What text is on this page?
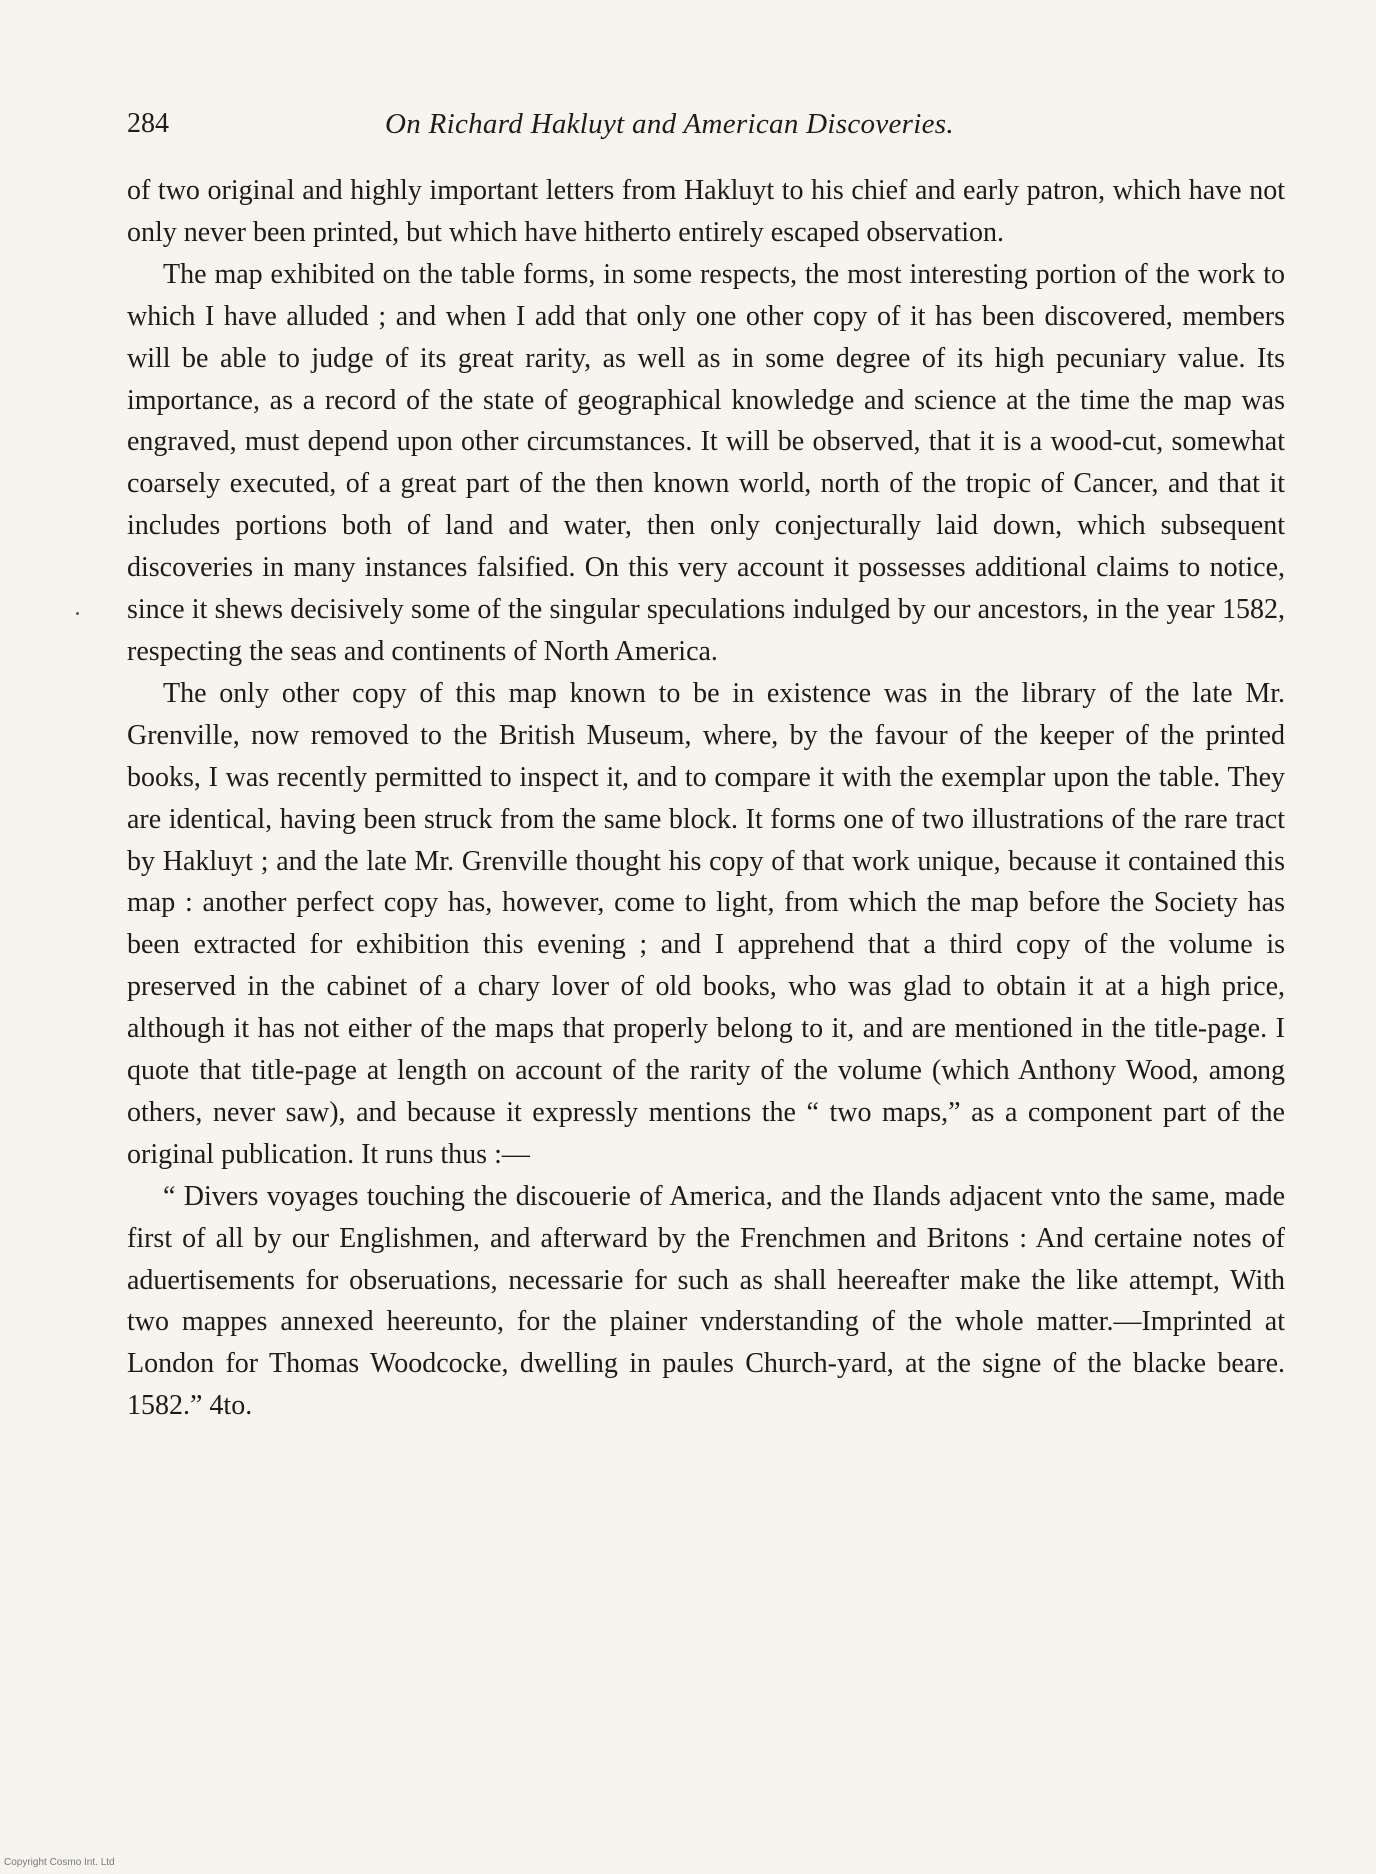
284	On Richard Hakluyt and American Discoveries.

of two original and highly important letters from Hakluyt to his chief and early patron, which have not only never been printed, but which have hitherto entirely escaped observation.

The map exhibited on the table forms, in some respects, the most interesting portion of the work to which I have alluded ; and when I add that only one other copy of it has been discovered, members will be able to judge of its great rarity, as well as in some degree of its high pecuniary value. Its importance, as a record of the state of geographical knowledge and science at the time the map was engraved, must depend upon other circumstances. It will be observed, that it is a wood-cut, somewhat coarsely executed, of a great part of the then known world, north of the tropic of Cancer, and that it includes portions both of land and water, then only conjecturally laid down, which subsequent discoveries in many instances falsified. On this very account it possesses additional claims to notice, since it shews decisively some of the singular speculations indulged by our ancestors, in the year 1582, respecting the seas and continents of North America.

The only other copy of this map known to be in existence was in the library of the late Mr. Grenville, now removed to the British Museum, where, by the favour of the keeper of the printed books, I was recently permitted to inspect it, and to compare it with the exemplar upon the table. They are identical, having been struck from the same block. It forms one of two illustrations of the rare tract by Hakluyt ; and the late Mr. Grenville thought his copy of that work unique, because it contained this map : another perfect copy has, however, come to light, from which the map before the Society has been extracted for exhibition this evening ; and I apprehend that a third copy of the volume is preserved in the cabinet of a chary lover of old books, who was glad to obtain it at a high price, although it has not either of the maps that properly belong to it, and are mentioned in the title-page. I quote that title-page at length on account of the rarity of the volume (which Anthony Wood, among others, never saw), and because it expressly mentions the “ two maps,” as a component part of the original publication. It runs thus :—

“ Divers voyages touching the discouerie of America, and the Ilands adjacent vnto the same, made first of all by our Englishmen, and afterward by the Frenchmen and Britons : And certaine notes of aduertisements for obseruations, necessarie for such as shall heereafter make the like attempt, With two mappes annexed heereunto, for the plainer vnderstanding of the whole matter.—Imprinted at London for Thomas Woodcocke, dwelling in paules Church-yard, at the signe of the blacke beare. 1582.” 4to.

Copyright Cosmo Int. Ltd
